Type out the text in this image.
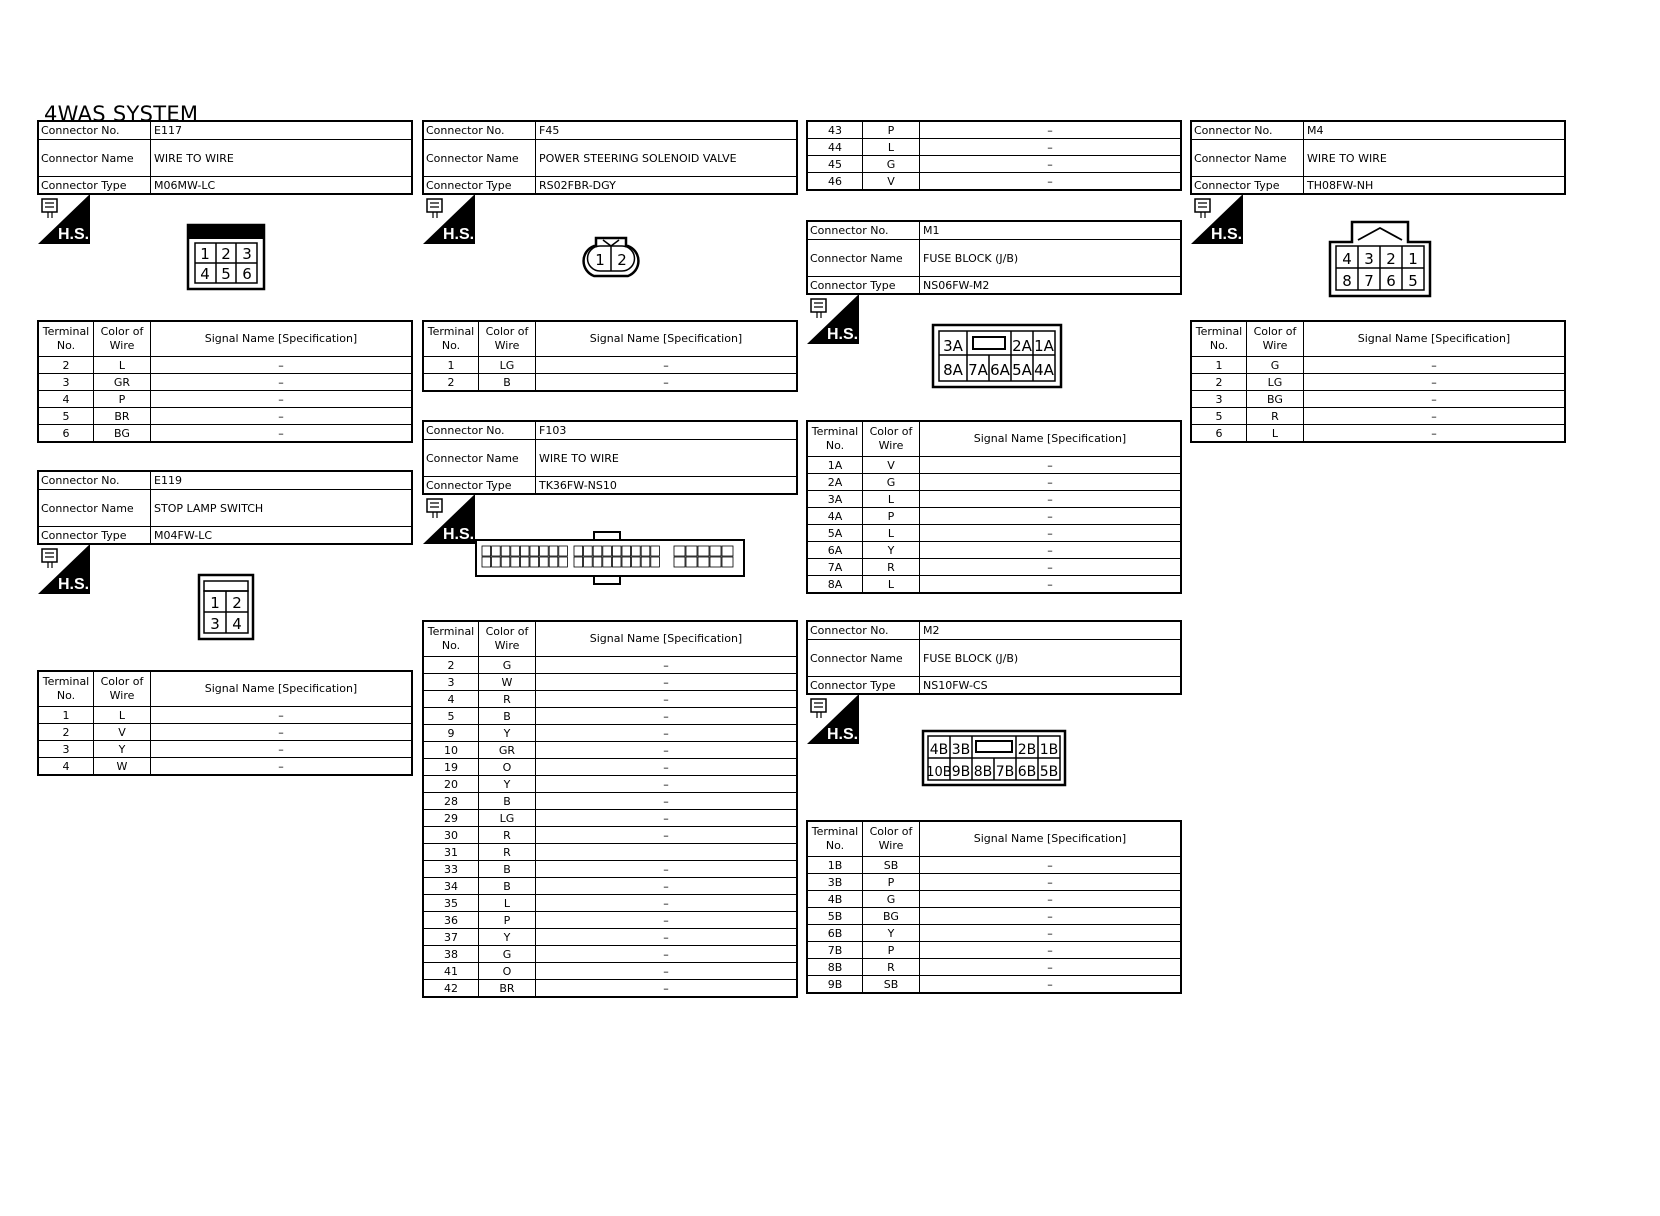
4WAS SYSTEM
Connector No.	E117
Connector Name	WIRE TO WIRE
Connector Type	M06MW-LC
H.S.
1 2 3
4 5 6
Terminal No.	Color of Wire	Signal Name [Specification]
2	L	–
3	GR	–
4	P	–
5	BR	–
6	BG	–
Connector No.	E119
Connector Name	STOP LAMP SWITCH
Connector Type	M04FW-LC
H.S.
1 2
3 4
Terminal No.	Color of Wire	Signal Name [Specification]
1	L	–
2	V	–
3	Y	–
4	W	–
Connector No.	F45
Connector Name	POWER STEERING SOLENOID VALVE
Connector Type	RS02FBR-DGY
H.S.
1 2
Terminal No.	Color of Wire	Signal Name [Specification]
1	LG	–
2	B	–
Connector No.	F103
Connector Name	WIRE TO WIRE
Connector Type	TK36FW-NS10
H.S.
Terminal No.	Color of Wire	Signal Name [Specification]
2	G	–
3	W	–
4	R	–
5	B	–
9	Y	–
10	GR	–
19	O	–
20	Y	–
28	B	–
29	LG	–
30	R	–
31	R	
33	B	–
34	B	–
35	L	–
36	P	–
37	Y	–
38	G	–
41	O	–
42	BR	–
43	P	–
44	L	–
45	G	–
46	V	–
Connector No.	M1
Connector Name	FUSE BLOCK (J/B)
Connector Type	NS06FW-M2
H.S.
3A	2A 1A
8A 7A 6A 5A 4A
Terminal No.	Color of Wire	Signal Name [Specification]
1A	V	–
2A	G	–
3A	L	–
4A	P	–
5A	L	–
6A	Y	–
7A	R	–
8A	L	–
Connector No.	M2
Connector Name	FUSE BLOCK (J/B)
Connector Type	NS10FW-CS
H.S.
4B 3B	2B 1B
10B 9B 8B 7B 6B 5B
Terminal No.	Color of Wire	Signal Name [Specification]
1B	SB	–
3B	P	–
4B	G	–
5B	BG	–
6B	Y	–
7B	P	–
8B	R	–
9B	SB	–
Connector No.	M4
Connector Name	WIRE TO WIRE
Connector Type	TH08FW-NH
H.S.
4 3 2 1
8 7 6 5
Terminal No.	Color of Wire	Signal Name [Specification]
1	G	–
2	LG	–
3	BG	–
5	R	–
6	L	–
